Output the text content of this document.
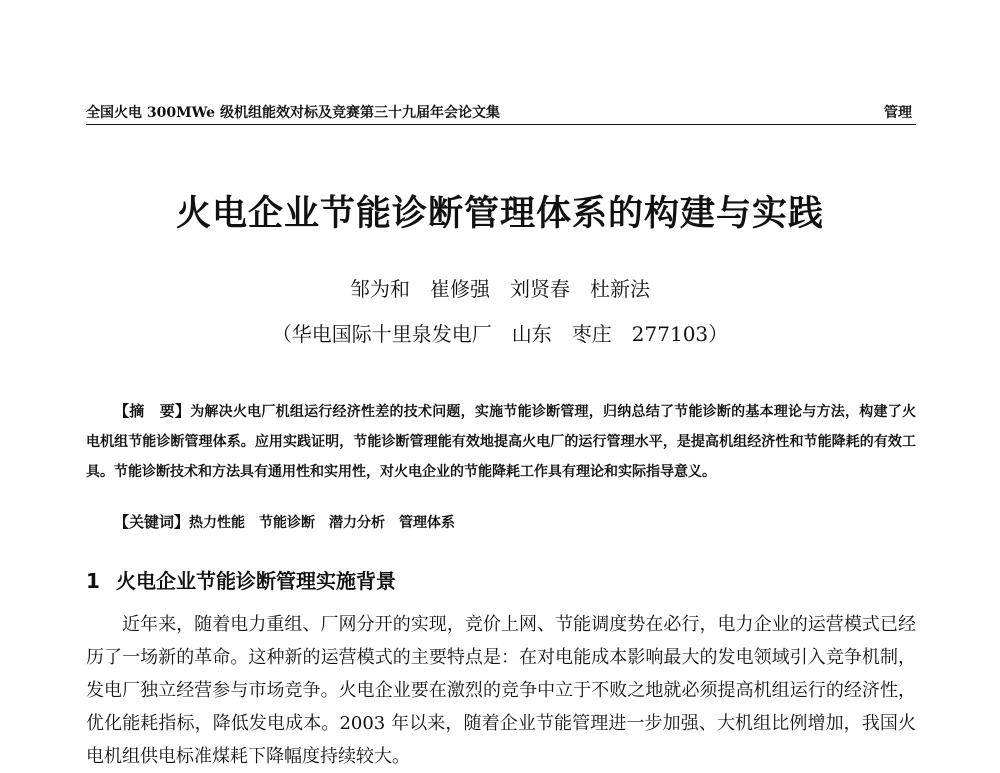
全国火电 300MWe 级机组能效对标及竞赛第三十九届年会论文集	管理
火电企业节能诊断管理体系的构建与实践
邹为和　崔修强　刘贤春　杜新法
（华电国际十里泉发电厂　山东　枣庄　277103）
【摘　要】为解决火电厂机组运行经济性差的技术问题，实施节能诊断管理，归纳总结了节能诊断的基本理论与方法，构建了火电机组节能诊断管理体系。应用实践证明，节能诊断管理能有效地提高火电厂的运行管理水平，是提高机组经济性和节能降耗的有效工具。节能诊断技术和方法具有通用性和实用性，对火电企业的节能降耗工作具有理论和实际指导意义。
【关键词】热力性能　节能诊断　潜力分析　管理体系
1 火电企业节能诊断管理实施背景
近年来，随着电力重组、厂网分开的实现，竞价上网、节能调度势在必行，电力企业的运营模式已经历了一场新的革命。这种新的运营模式的主要特点是：在对电能成本影响最大的发电领域引入竞争机制，发电厂独立经营参与市场竞争。火电企业要在激烈的竞争中立于不败之地就必须提高机组运行的经济性，优化能耗指标，降低发电成本。2003 年以来，随着企业节能管理进一步加强、大机组比例增加，我国火电机组供电标准煤耗下降幅度持续较大。
